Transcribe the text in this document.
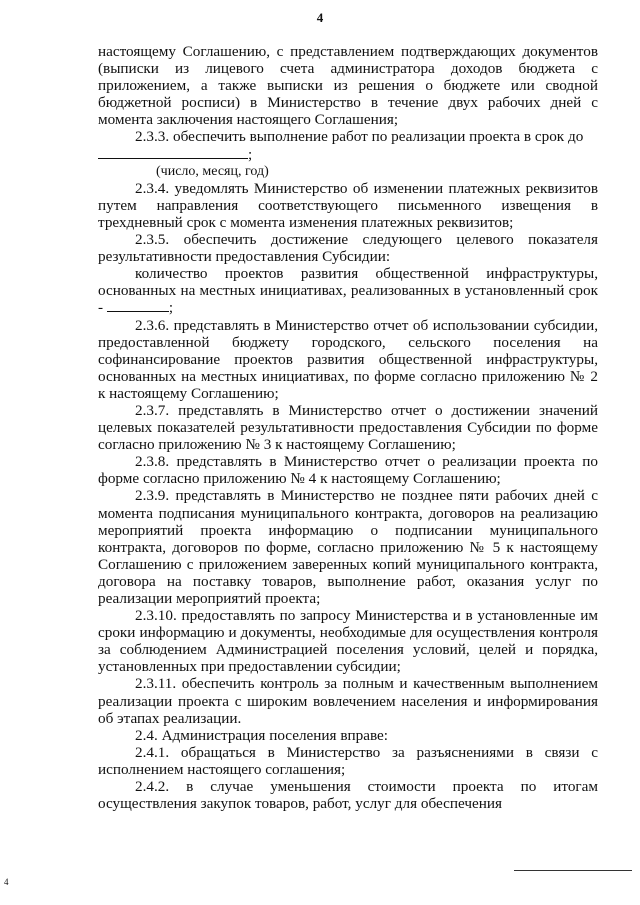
4

настоящему Соглашению, с представлением подтверждающих документов (выписки из лицевого счета администратора доходов бюджета с приложением, а также выписки из решения о бюджете или сводной бюджетной росписи) в Министерство в течение двух рабочих дней с момента заключения настоящего Соглашения;

2.3.3. обеспечить выполнение работ по реализации проекта в срок до
;

(число, месяц, год)

2.3.4. уведомлять Министерство об изменении платежных реквизитов путем направления соответствующего письменного извещения в трехдневный срок с момента изменения платежных реквизитов;

2.3.5. обеспечить достижение следующего целевого показателя результативности предоставления Субсидии:

количество проектов развития общественной инфраструктуры, основанных на местных инициативах, реализованных в установленный срок -	;

2.3.6. представлять в Министерство отчет об использовании субсидии, предоставленной бюджету городского, сельского поселения на софинансирование проектов развития общественной инфраструктуры, основанных на местных инициативах, по форме согласно приложению № 2 к настоящему Соглашению;

2.3.7. представлять в Министерство отчет о достижении значений целевых показателей результативности предоставления Субсидии по форме согласно приложению № 3 к настоящему Соглашению;

2.3.8. представлять в Министерство отчет о реализации проекта по форме согласно приложению № 4 к настоящему Соглашению;

2.3.9. представлять в Министерство не позднее пяти рабочих дней с момента подписания муниципального контракта, договоров на реализацию мероприятий проекта информацию о подписании муниципального контракта, договоров по форме, согласно приложению № 5 к настоящему Соглашению с приложением заверенных копий муниципального контракта, договора на поставку товаров, выполнение работ, оказания услуг по реализации мероприятий проекта;

2.3.10. предоставлять по запросу Министерства и в установленные им сроки информацию и документы, необходимые для осуществления контроля за соблюдением Администрацией поселения условий, целей и порядка, установленных при предоставлении субсидии;

2.3.11. обеспечить контроль за полным и качественным выполнением реализации проекта с широким вовлечением населения и информирования об этапах реализации.

2.4. Администрация поселения вправе:

2.4.1. обращаться в Министерство за разъяснениями в связи с исполнением настоящего соглашения;

2.4.2. в случае уменьшения стоимости проекта по итогам осуществления закупок товаров, работ, услуг для обеспечения

4
